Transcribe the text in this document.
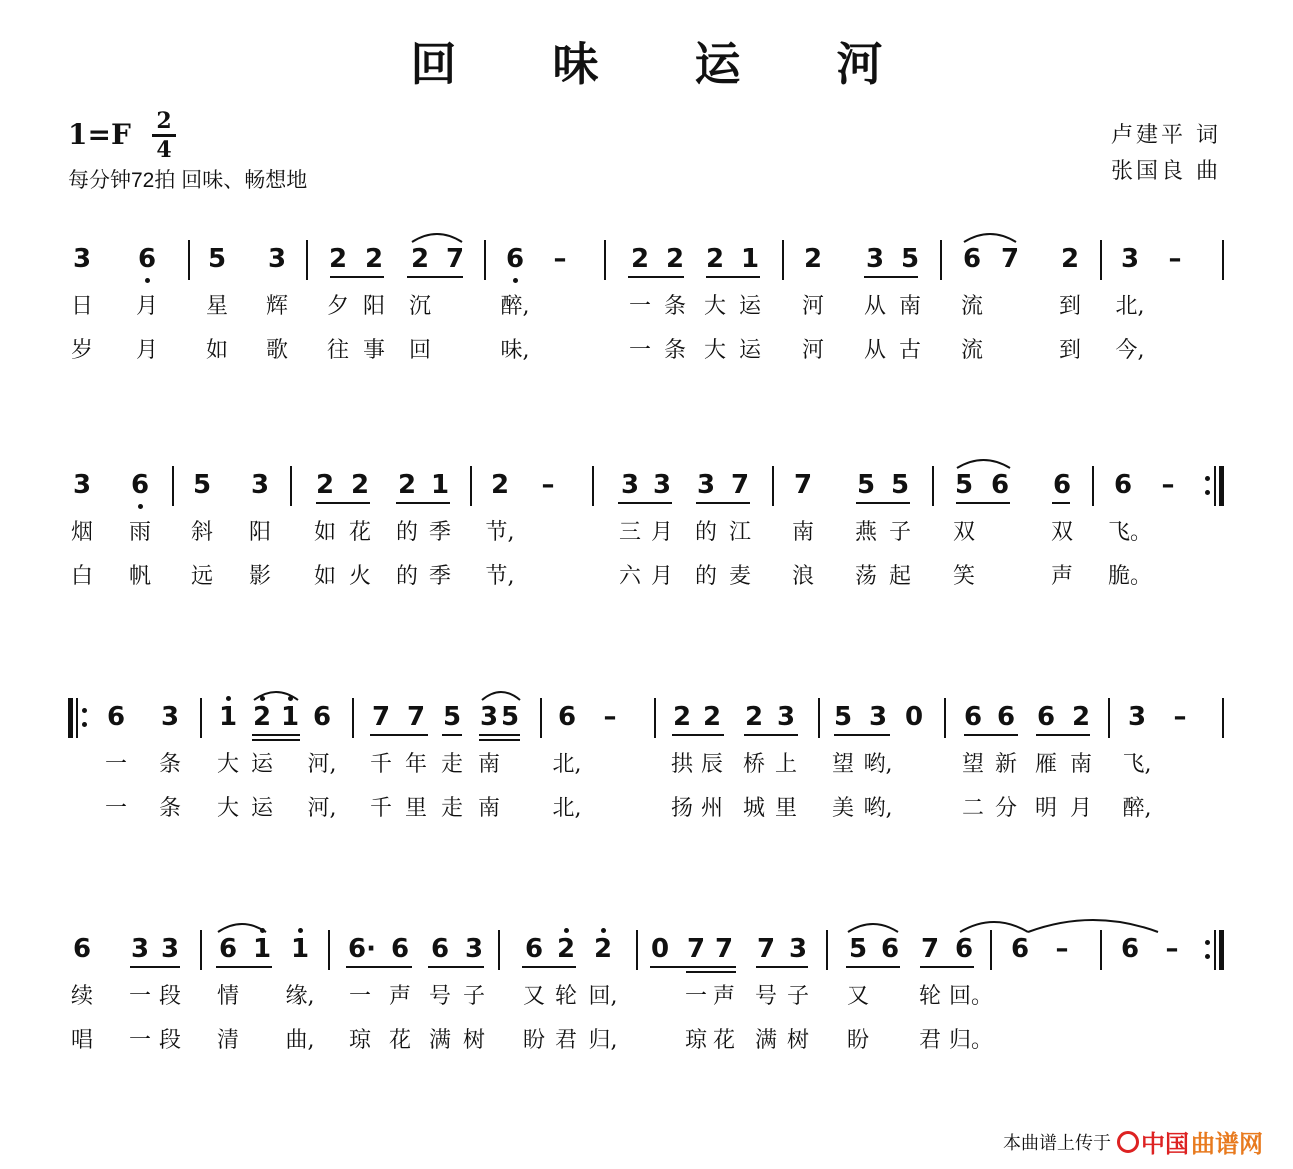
回 味 运 河
1=F 2
4
每分钟72拍 回味、畅想地
卢建平 词
张国良 曲
3 6 5 3 2 2 2 7 6 – 2 2 2 1 2 3 5 6 7 2 3 –
日 月 星 辉 夕 阳 沉	醉,	一 条 大 运 河 从 南 流	到 北,
岁 月 如 歌 往 事 回	味,	一 条 大 运 河 从 古 流	到 今,
3 6 5 3 2 2 2 1 2 –	3 3 3 7 7 5 5 5 6 6 6 –
烟 雨 斜 阳 如 花 的 季 节,	三 月 的 江 南 燕 子 双	双 飞。
白 帆 远 影 如 火 的 季 节,	六 月 的 麦 浪 荡 起 笑	声 脆。
6 3 1 2 1 6 7 7 5 3 5 6 – 2 2 2 3 5 3 0 6 6 6 2 3 –
一 条 大 运 河, 千 年 走 南 北,	拱 辰 桥 上 望 哟,	望 新 雁 南 飞,
一 条 大 运 河, 千 里 走 南 北,	扬 州 城 里 美 哟,	二 分 明 月 醉,
6 3 3 6 1 1 6· 6 6 3 6 2 2 0 7 7 7 3 5 6 7 6 6 – 6 –
续 一 段 情 缘, 一 声 号 子 又 轮 回,	一 声 号 子 又 轮 回。
唱 一 段 清 曲, 琼 花 满 树 盼 君 归,	琼 花 满 树 盼 君 归。
本曲谱上传于 中国 曲谱网
